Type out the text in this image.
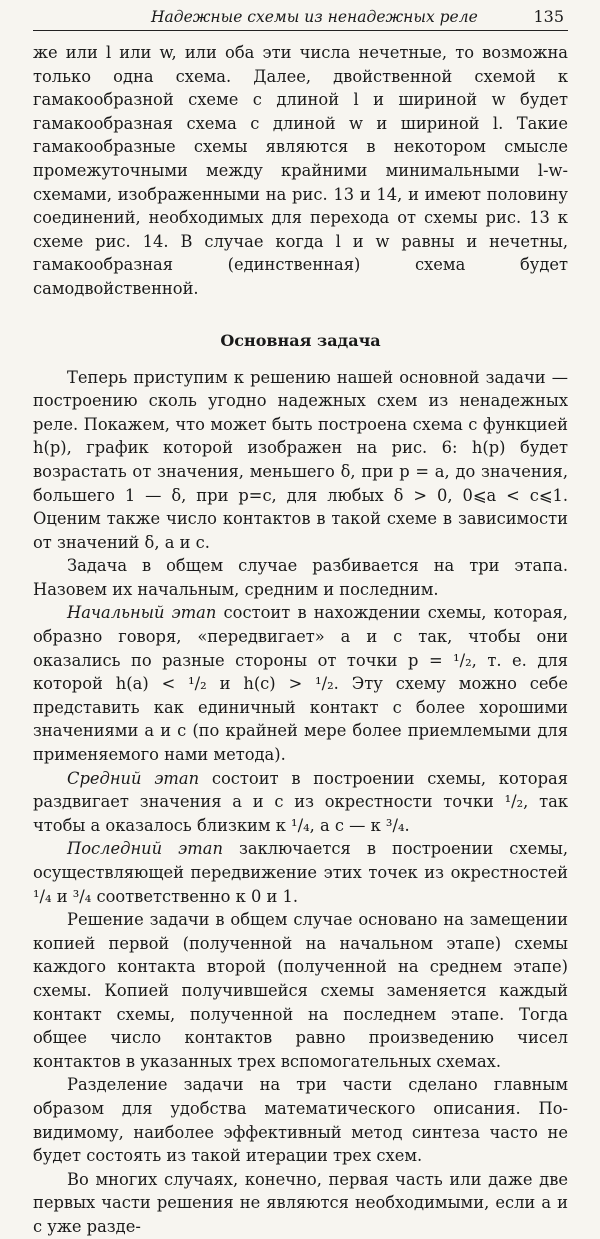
Надежные схемы из ненадежных реле	135

же или l или w, или оба эти числа нечетные, то возможна только одна схема. Далее, двойственной схемой к гамакообразной схеме с длиной l и шириной w будет гамакообразная схема с длиной w и шириной l. Такие гамакообразные схемы являются в некотором смысле промежуточными между крайними минимальными l-w-схемами, изображенными на рис. 13 и 14, и имеют половину соединений, необходимых для перехода от схемы рис. 13 к схеме рис. 14. В случае когда l и w равны и нечетны, гамакообразная (единственная) схема будет самодвойственной.

Основная задача

Теперь приступим к решению нашей основной задачи — построению сколь угодно надежных схем из ненадежных реле. Покажем, что может быть построена схема с функцией h(p), график которой изображен на рис. 6: h(p) будет возрастать от значения, меньшего δ, при p = a, до значения, большего 1 — δ, при p=c, для любых δ > 0, 0⩽a < c⩽1. Оценим также число контактов в такой схеме в зависимости от значений δ, a и c.

Задача в общем случае разбивается на три этапа. Назовем их начальным, средним и последним.

Начальный этап состоит в нахождении схемы, которая, образно говоря, «передвигает» a и c так, чтобы они оказались по разные стороны от точки p = ¹/₂, т. е. для которой h(a) < ¹/₂ и h(c) > ¹/₂. Эту схему можно себе представить как единичный контакт с более хорошими значениями a и c (по крайней мере более приемлемыми для применяемого нами метода).

Средний этап состоит в построении схемы, которая раздвигает значения a и c из окрестности точки ¹/₂, так чтобы a оказалось близким к ¹/₄, а c — к ³/₄.

Последний этап заключается в построении схемы, осуществляющей передвижение этих точек из окрестностей ¹/₄ и ³/₄ соответственно к 0 и 1.

Решение задачи в общем случае основано на замещении копией первой (полученной на начальном этапе) схемы каждого контакта второй (полученной на среднем этапе) схемы. Копией получившейся схемы заменяется каждый контакт схемы, полученной на последнем этапе. Тогда общее число контактов равно произведению чисел контактов в указанных трех вспомогательных схемах.

Разделение задачи на три части сделано главным образом для удобства математического описания. По-видимому, наиболее эффективный метод синтеза часто не будет состоять из такой итерации трех схем.

Во многих случаях, конечно, первая часть или даже две первых части решения не являются необходимыми, если a и c уже разде-
